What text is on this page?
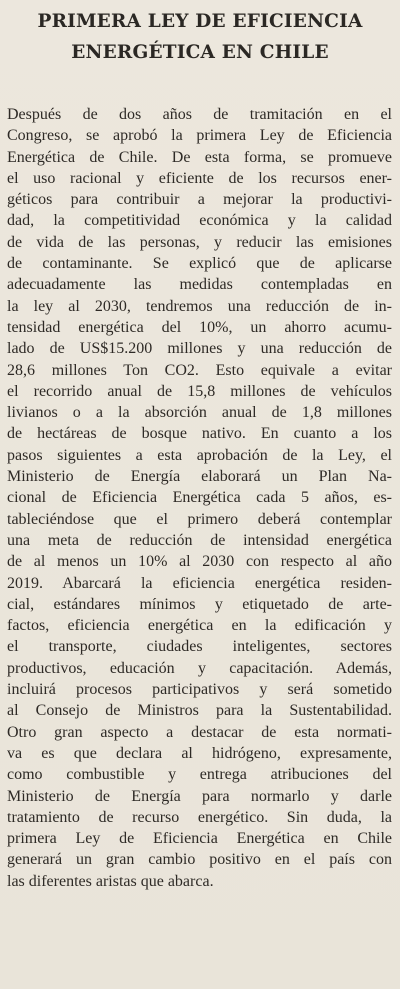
PRIMERA LEY DE EFICIENCIA
ENERGÉTICA EN CHILE
Después de dos años de tramitación en el
Congreso, se aprobó la primera Ley de Eficiencia
Energética de Chile. De esta forma, se promueve
el uso racional y eficiente de los recursos ener-
géticos para contribuir a mejorar la productivi-
dad, la competitividad económica y la calidad
de vida de las personas, y reducir las emisiones
de contaminante. Se explicó que de aplicarse
adecuadamente las medidas contempladas en
la ley al 2030, tendremos una reducción de in-
tensidad energética del 10%, un ahorro acumu-
lado de US$15.200 millones y una reducción de
28,6 millones Ton CO2. Esto equivale a evitar
el recorrido anual de 15,8 millones de vehículos
livianos o a la absorción anual de 1,8 millones
de hectáreas de bosque nativo. En cuanto a los
pasos siguientes a esta aprobación de la Ley, el
Ministerio de Energía elaborará un Plan Na-
cional de Eficiencia Energética cada 5 años, es-
tableciéndose que el primero deberá contemplar
una meta de reducción de intensidad energética
de al menos un 10% al 2030 con respecto al año
2019. Abarcará la eficiencia energética residen-
cial, estándares mínimos y etiquetado de arte-
factos, eficiencia energética en la edificación y
el transporte, ciudades inteligentes, sectores
productivos, educación y capacitación. Además,
incluirá procesos participativos y será sometido
al Consejo de Ministros para la Sustentabilidad.
Otro gran aspecto a destacar de esta normati-
va es que declara al hidrógeno, expresamente,
como combustible y entrega atribuciones del
Ministerio de Energía para normarlo y darle
tratamiento de recurso energético. Sin duda, la
primera Ley de Eficiencia Energética en Chile
generará un gran cambio positivo en el país con
las diferentes aristas que abarca.
